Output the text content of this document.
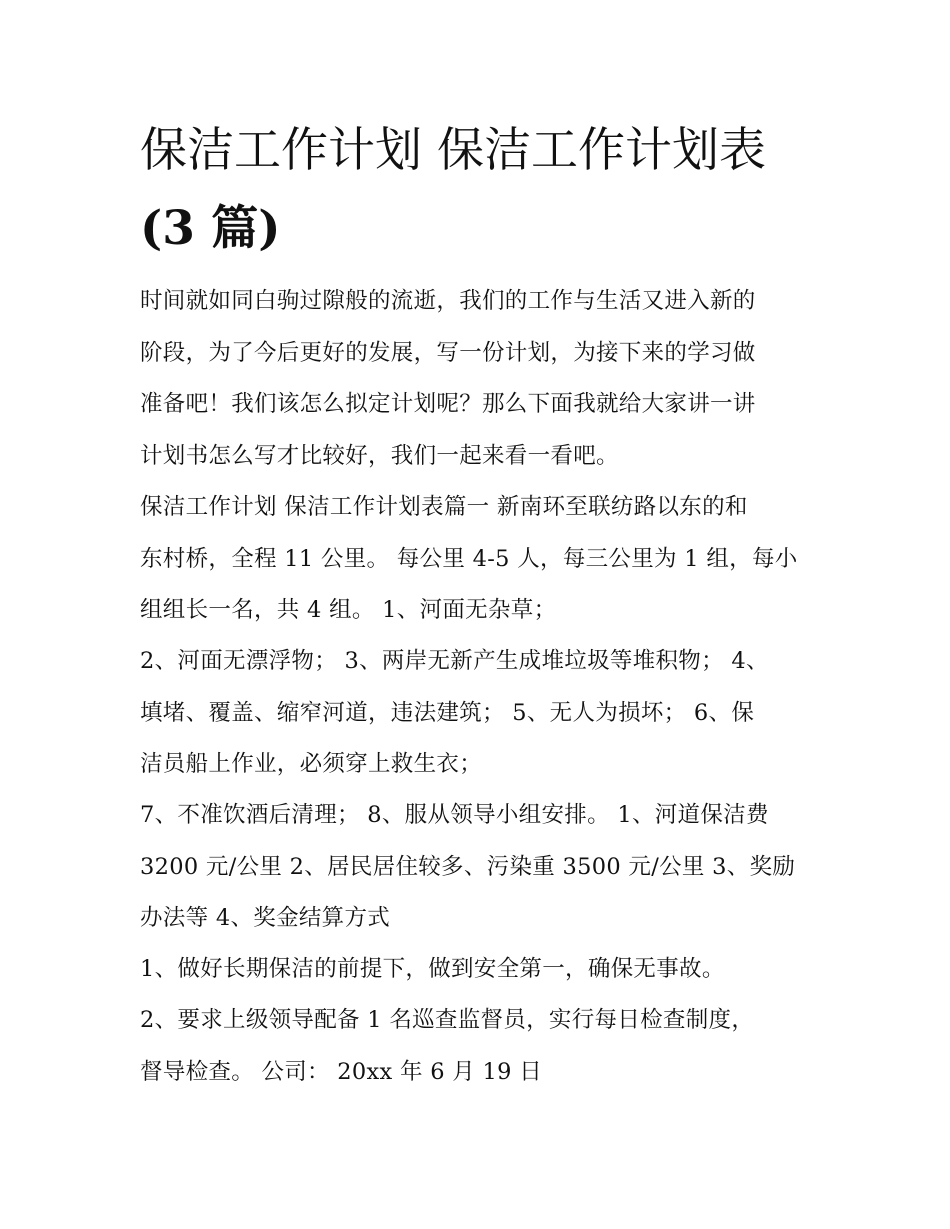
保洁工作计划 保洁工作计划表
(3 篇)

时间就如同白驹过隙般的流逝，我们的工作与生活又进入新的
阶段，为了今后更好的发展，写一份计划，为接下来的学习做
准备吧！我们该怎么拟定计划呢？那么下面我就给大家讲一讲
计划书怎么写才比较好，我们一起来看一看吧。

保洁工作计划 保洁工作计划表篇一 新南环至联纺路以东的和
东村桥，全程 11 公里。 每公里 4-5 人，每三公里为 1 组，每小
组组长一名，共 4 组。 1、河面无杂草；

2、河面无漂浮物； 3、两岸无新产生成堆垃圾等堆积物； 4、
填堵、覆盖、缩窄河道，违法建筑； 5、无人为损坏； 6、保
洁员船上作业，必须穿上救生衣；

7、不准饮酒后清理； 8、服从领导小组安排。 1、河道保洁费
3200 元/公里 2、居民居住较多、污染重 3500 元/公里 3、奖励
办法等 4、奖金结算方式

1、做好长期保洁的前提下，做到安全第一，确保无事故。

2、要求上级领导配备 1 名巡查监督员，实行每日检查制度，
督导检查。 公司： 20xx 年 6 月 19 日
